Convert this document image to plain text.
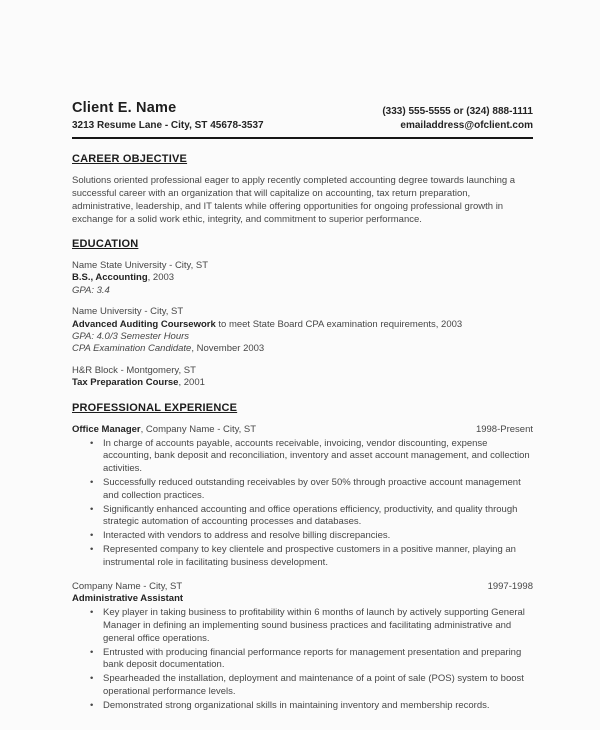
Client E. Name
3213 Resume Lane - City, ST 45678-3537
(333) 555-5555 or (324) 888-1111
emailaddress@ofclient.com
CAREER OBJECTIVE
Solutions oriented professional eager to apply recently completed accounting degree towards launching a successful career with an organization that will capitalize on accounting, tax return preparation, administrative, leadership, and IT talents while offering opportunities for ongoing professional growth in exchange for a solid work ethic, integrity, and commitment to superior performance.
EDUCATION
Name State University - City, ST
B.S., Accounting, 2003
GPA: 3.4
Name University - City, ST
Advanced Auditing Coursework to meet State Board CPA examination requirements, 2003
GPA: 4.0/3 Semester Hours
CPA Examination Candidate, November 2003
H&R Block - Montgomery, ST
Tax Preparation Course, 2001
PROFESSIONAL EXPERIENCE
Office Manager, Company Name - City, ST	1998-Present
• In charge of accounts payable, accounts receivable, invoicing, vendor discounting, expense accounting, bank deposit and reconciliation, inventory and asset account management, and collection activities.
• Successfully reduced outstanding receivables by over 50% through proactive account management and collection practices.
• Significantly enhanced accounting and office operations efficiency, productivity, and quality through strategic automation of accounting processes and databases.
• Interacted with vendors to address and resolve billing discrepancies.
• Represented company to key clientele and prospective customers in a positive manner, playing an instrumental role in facilitating business development.
Company Name - City, ST	1997-1998
Administrative Assistant
• Key player in taking business to profitability within 6 months of launch by actively supporting General Manager in defining an implementing sound business practices and facilitating administrative and general office operations.
• Entrusted with producing financial performance reports for management presentation and preparing bank deposit documentation.
• Spearheaded the installation, deployment and maintenance of a point of sale (POS) system to boost operational performance levels.
• Demonstrated strong organizational skills in maintaining inventory and membership records.
